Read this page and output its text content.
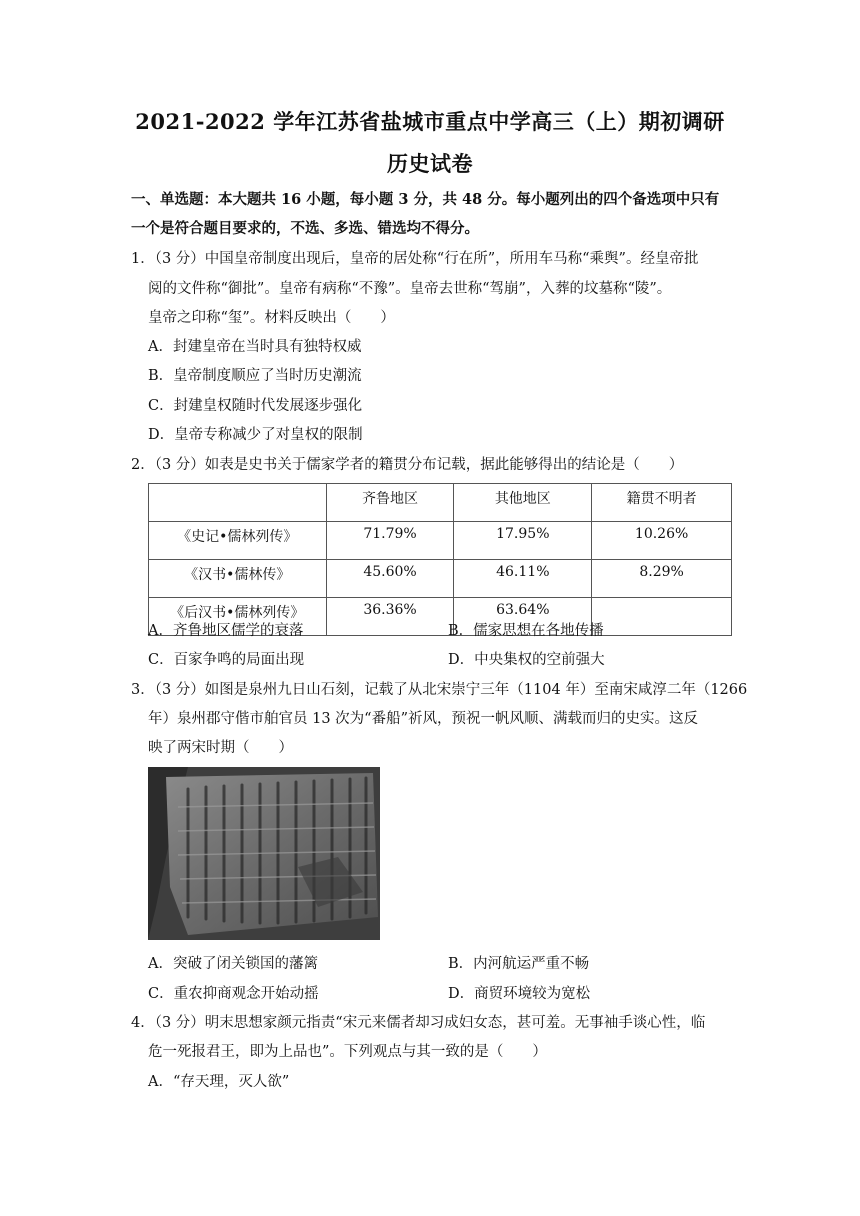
2021-2022 学年江苏省盐城市重点中学高三（上）期初调研
历史试卷
一、单选题：本大题共 16 小题，每小题 3 分，共 48 分。每小题列出的四个备选项中只有
一个是符合题目要求的，不选、多选、错选均不得分。
1．（3 分）中国皇帝制度出现后，皇帝的居处称“行在所”，所用车马称“乘舆”。经皇帝批
阅的文件称“御批”。皇帝有病称“不豫”。皇帝去世称“驾崩”，入葬的坟墓称“陵”。
皇帝之印称“玺”。材料反映出（　　）
A．封建皇帝在当时具有独特权威
B．皇帝制度顺应了当时历史潮流
C．封建皇权随时代发展逐步强化
D．皇帝专称减少了对皇权的限制
2．（3 分）如表是史书关于儒家学者的籍贯分布记载，据此能够得出的结论是（　　）
	齐鲁地区	其他地区	籍贯不明者
《史记•儒林列传》	71.79%	17.95%	10.26%
《汉书•儒林传》	45.60%	46.11%	8.29%
《后汉书•儒林列传》	36.36%	63.64%	
A．齐鲁地区儒学的衰落	B．儒家思想在各地传播
C．百家争鸣的局面出现	D．中央集权的空前强大
3．（3 分）如图是泉州九日山石刻，记载了从北宋崇宁三年（1104 年）至南宋咸淳二年（1266
年）泉州郡守偕市舶官员 13 次为“番船”祈风，预祝一帆风顺、满载而归的史实。这反
映了两宋时期（　　）
A．突破了闭关锁国的藩篱	B．内河航运严重不畅
C．重农抑商观念开始动摇	D．商贸环境较为宽松
4．（3 分）明末思想家颜元指责“宋元来儒者却习成妇女态，甚可羞。无事袖手谈心性，临
危一死报君王，即为上品也”。下列观点与其一致的是（　　）
A．“存天理，灭人欲”
